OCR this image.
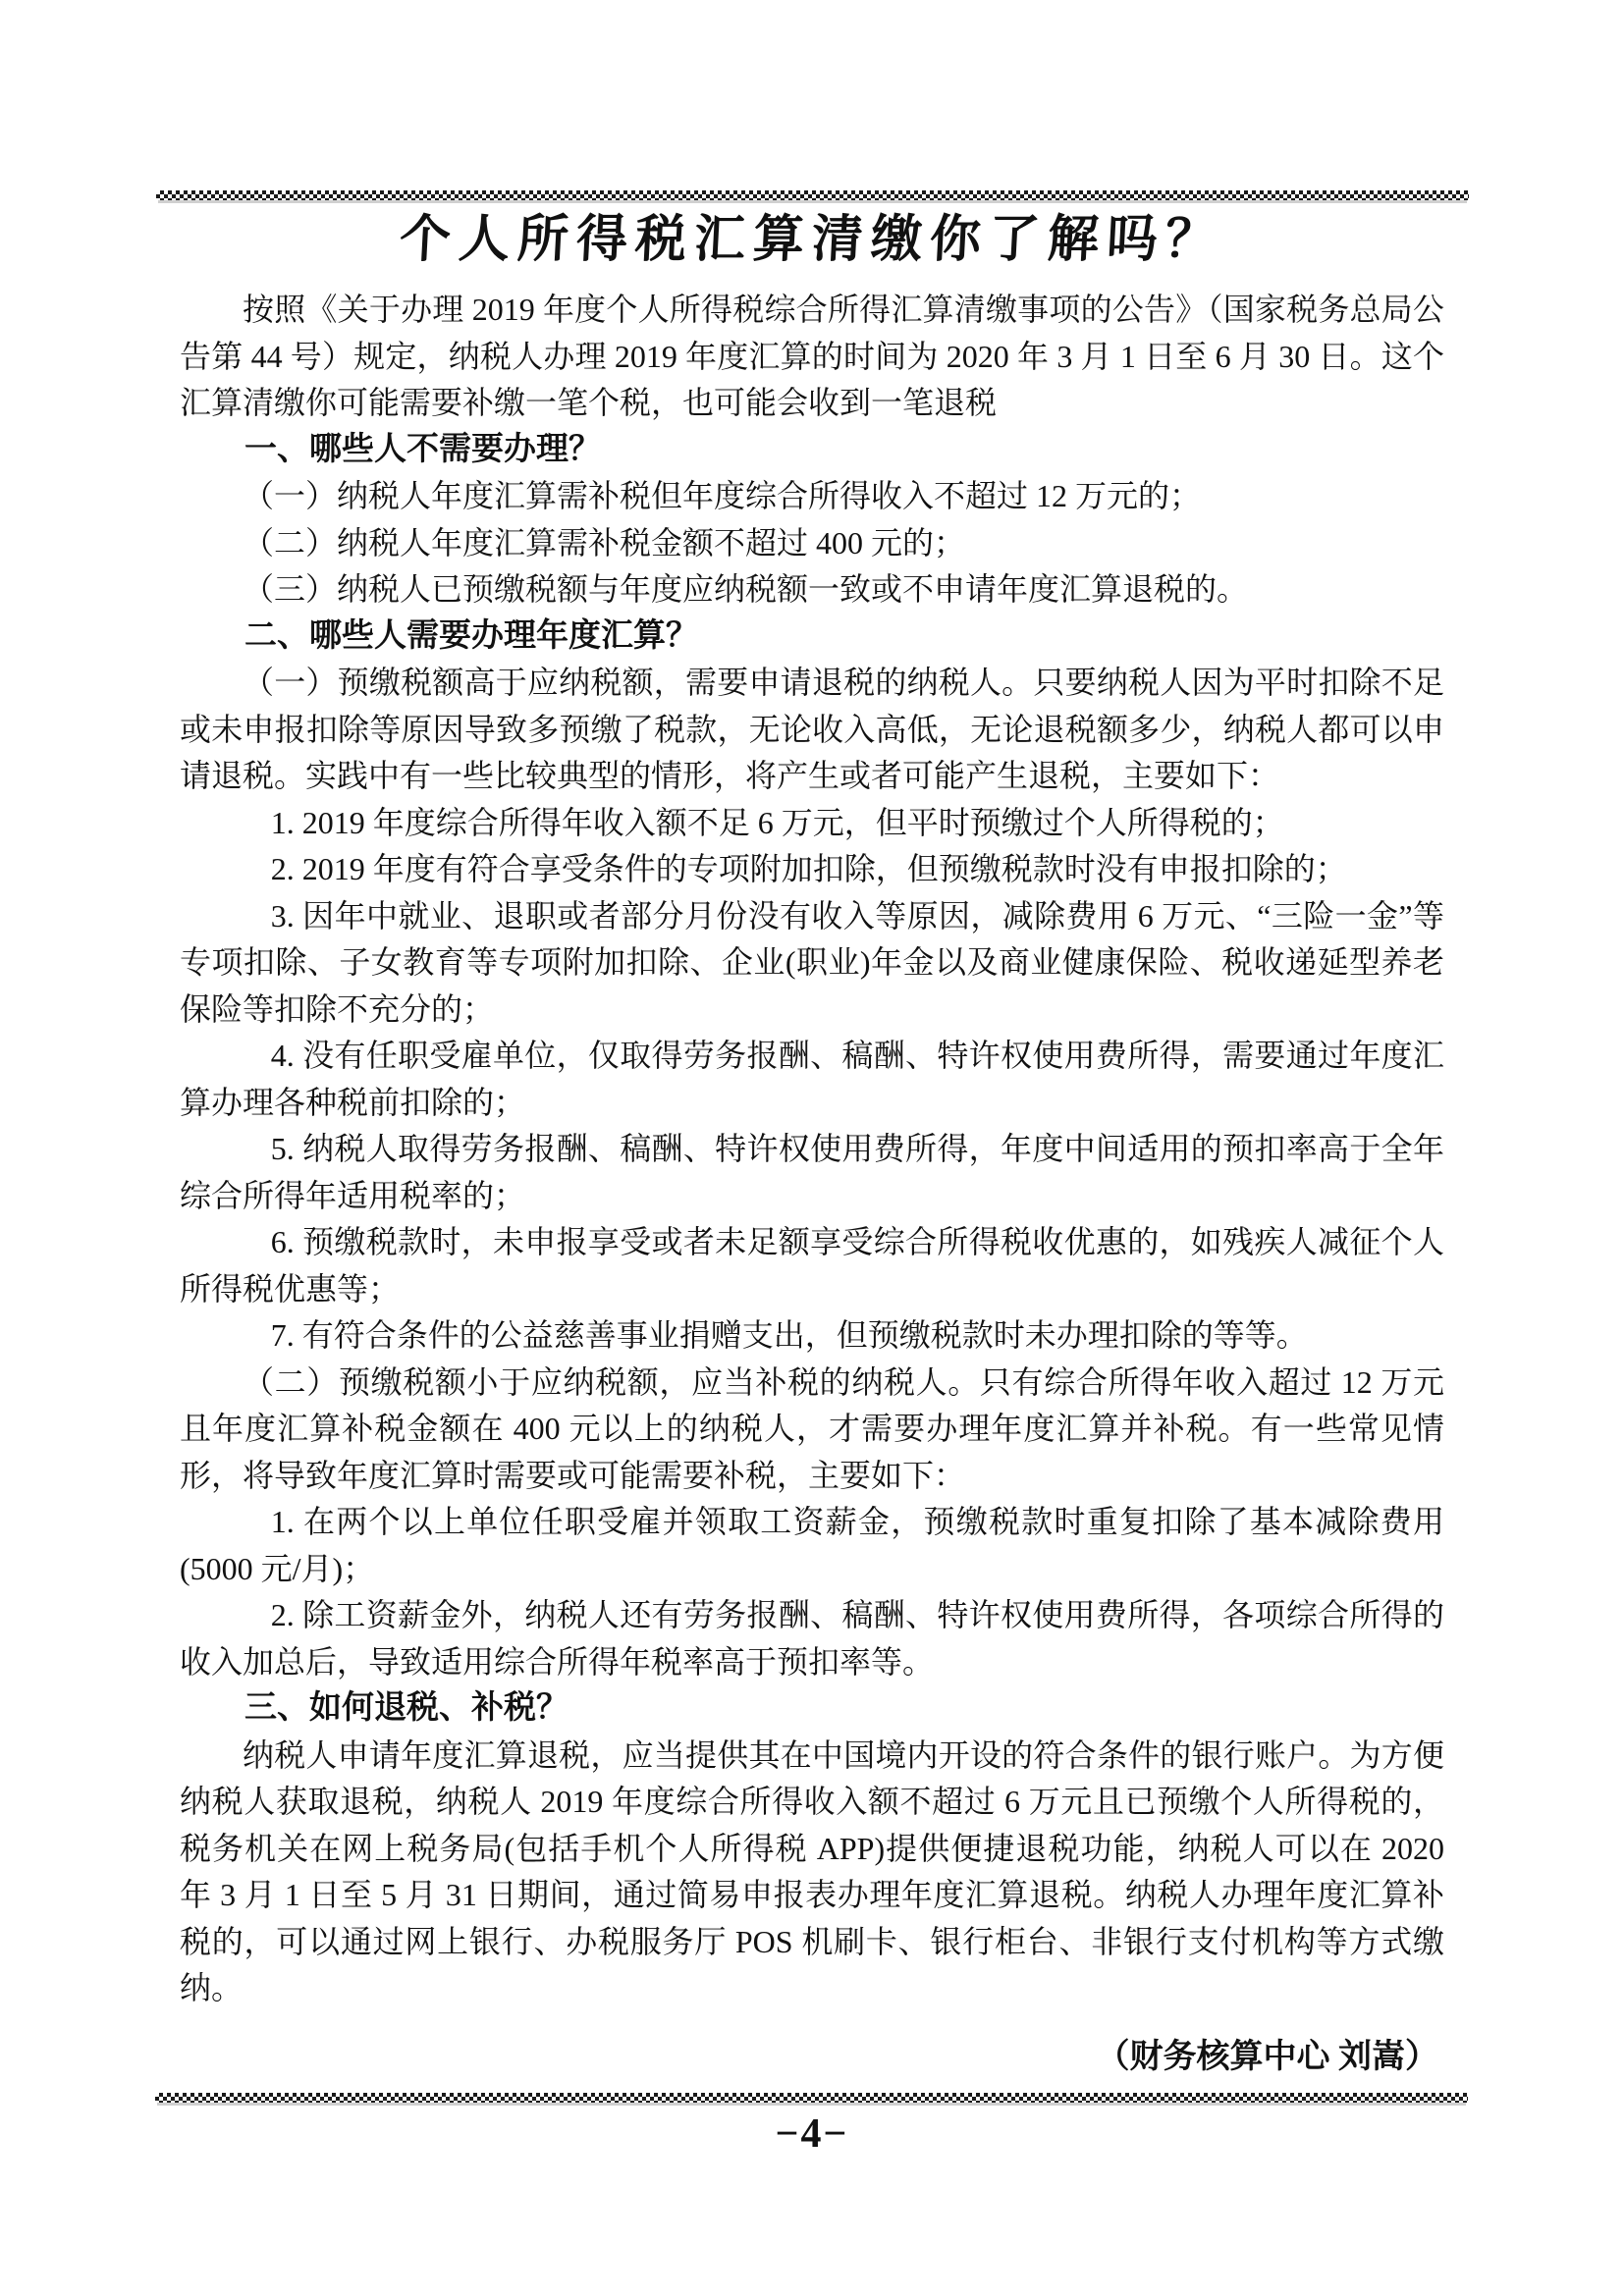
个人所得税汇算清缴你了解吗？

按照《关于办理 2019 年度个人所得税综合所得汇算清缴事项的公告》（国家税务总局公告第 44 号）规定，纳税人办理 2019 年度汇算的时间为 2020 年 3 月 1 日至 6 月 30 日。这个汇算清缴你可能需要补缴一笔个税，也可能会收到一笔退税

一、哪些人不需要办理？

（一）纳税人年度汇算需补税但年度综合所得收入不超过 12 万元的；

（二）纳税人年度汇算需补税金额不超过 400 元的；

（三）纳税人已预缴税额与年度应纳税额一致或不申请年度汇算退税的。

二、哪些人需要办理年度汇算？

（一）预缴税额高于应纳税额，需要申请退税的纳税人。只要纳税人因为平时扣除不足或未申报扣除等原因导致多预缴了税款，无论收入高低，无论退税额多少，纳税人都可以申请退税。实践中有一些比较典型的情形，将产生或者可能产生退税，主要如下：

1. 2019 年度综合所得年收入额不足 6 万元，但平时预缴过个人所得税的；

2. 2019 年度有符合享受条件的专项附加扣除，但预缴税款时没有申报扣除的；

3. 因年中就业、退职或者部分月份没有收入等原因，减除费用 6 万元、“三险一金”等专项扣除、子女教育等专项附加扣除、企业(职业)年金以及商业健康保险、税收递延型养老保险等扣除不充分的；

4. 没有任职受雇单位，仅取得劳务报酬、稿酬、特许权使用费所得，需要通过年度汇算办理各种税前扣除的；

5. 纳税人取得劳务报酬、稿酬、特许权使用费所得，年度中间适用的预扣率高于全年综合所得年适用税率的；

6. 预缴税款时，未申报享受或者未足额享受综合所得税收优惠的，如残疾人减征个人所得税优惠等；

7. 有符合条件的公益慈善事业捐赠支出，但预缴税款时未办理扣除的等等。

（二）预缴税额小于应纳税额，应当补税的纳税人。只有综合所得年收入超过 12 万元且年度汇算补税金额在 400 元以上的纳税人，才需要办理年度汇算并补税。有一些常见情形，将导致年度汇算时需要或可能需要补税，主要如下：

1. 在两个以上单位任职受雇并领取工资薪金，预缴税款时重复扣除了基本减除费用(5000 元/月)；

2. 除工资薪金外，纳税人还有劳务报酬、稿酬、特许权使用费所得，各项综合所得的收入加总后，导致适用综合所得年税率高于预扣率等。

三、如何退税、补税？

纳税人申请年度汇算退税，应当提供其在中国境内开设的符合条件的银行账户。为方便纳税人获取退税，纳税人 2019 年度综合所得收入额不超过 6 万元且已预缴个人所得税的，税务机关在网上税务局(包括手机个人所得税 APP)提供便捷退税功能，纳税人可以在 2020 年 3 月 1 日至 5 月 31 日期间，通过简易申报表办理年度汇算退税。纳税人办理年度汇算补税的，可以通过网上银行、办税服务厅 POS 机刷卡、银行柜台、非银行支付机构等方式缴纳。

（财务核算中心 刘嵩）
−4−
